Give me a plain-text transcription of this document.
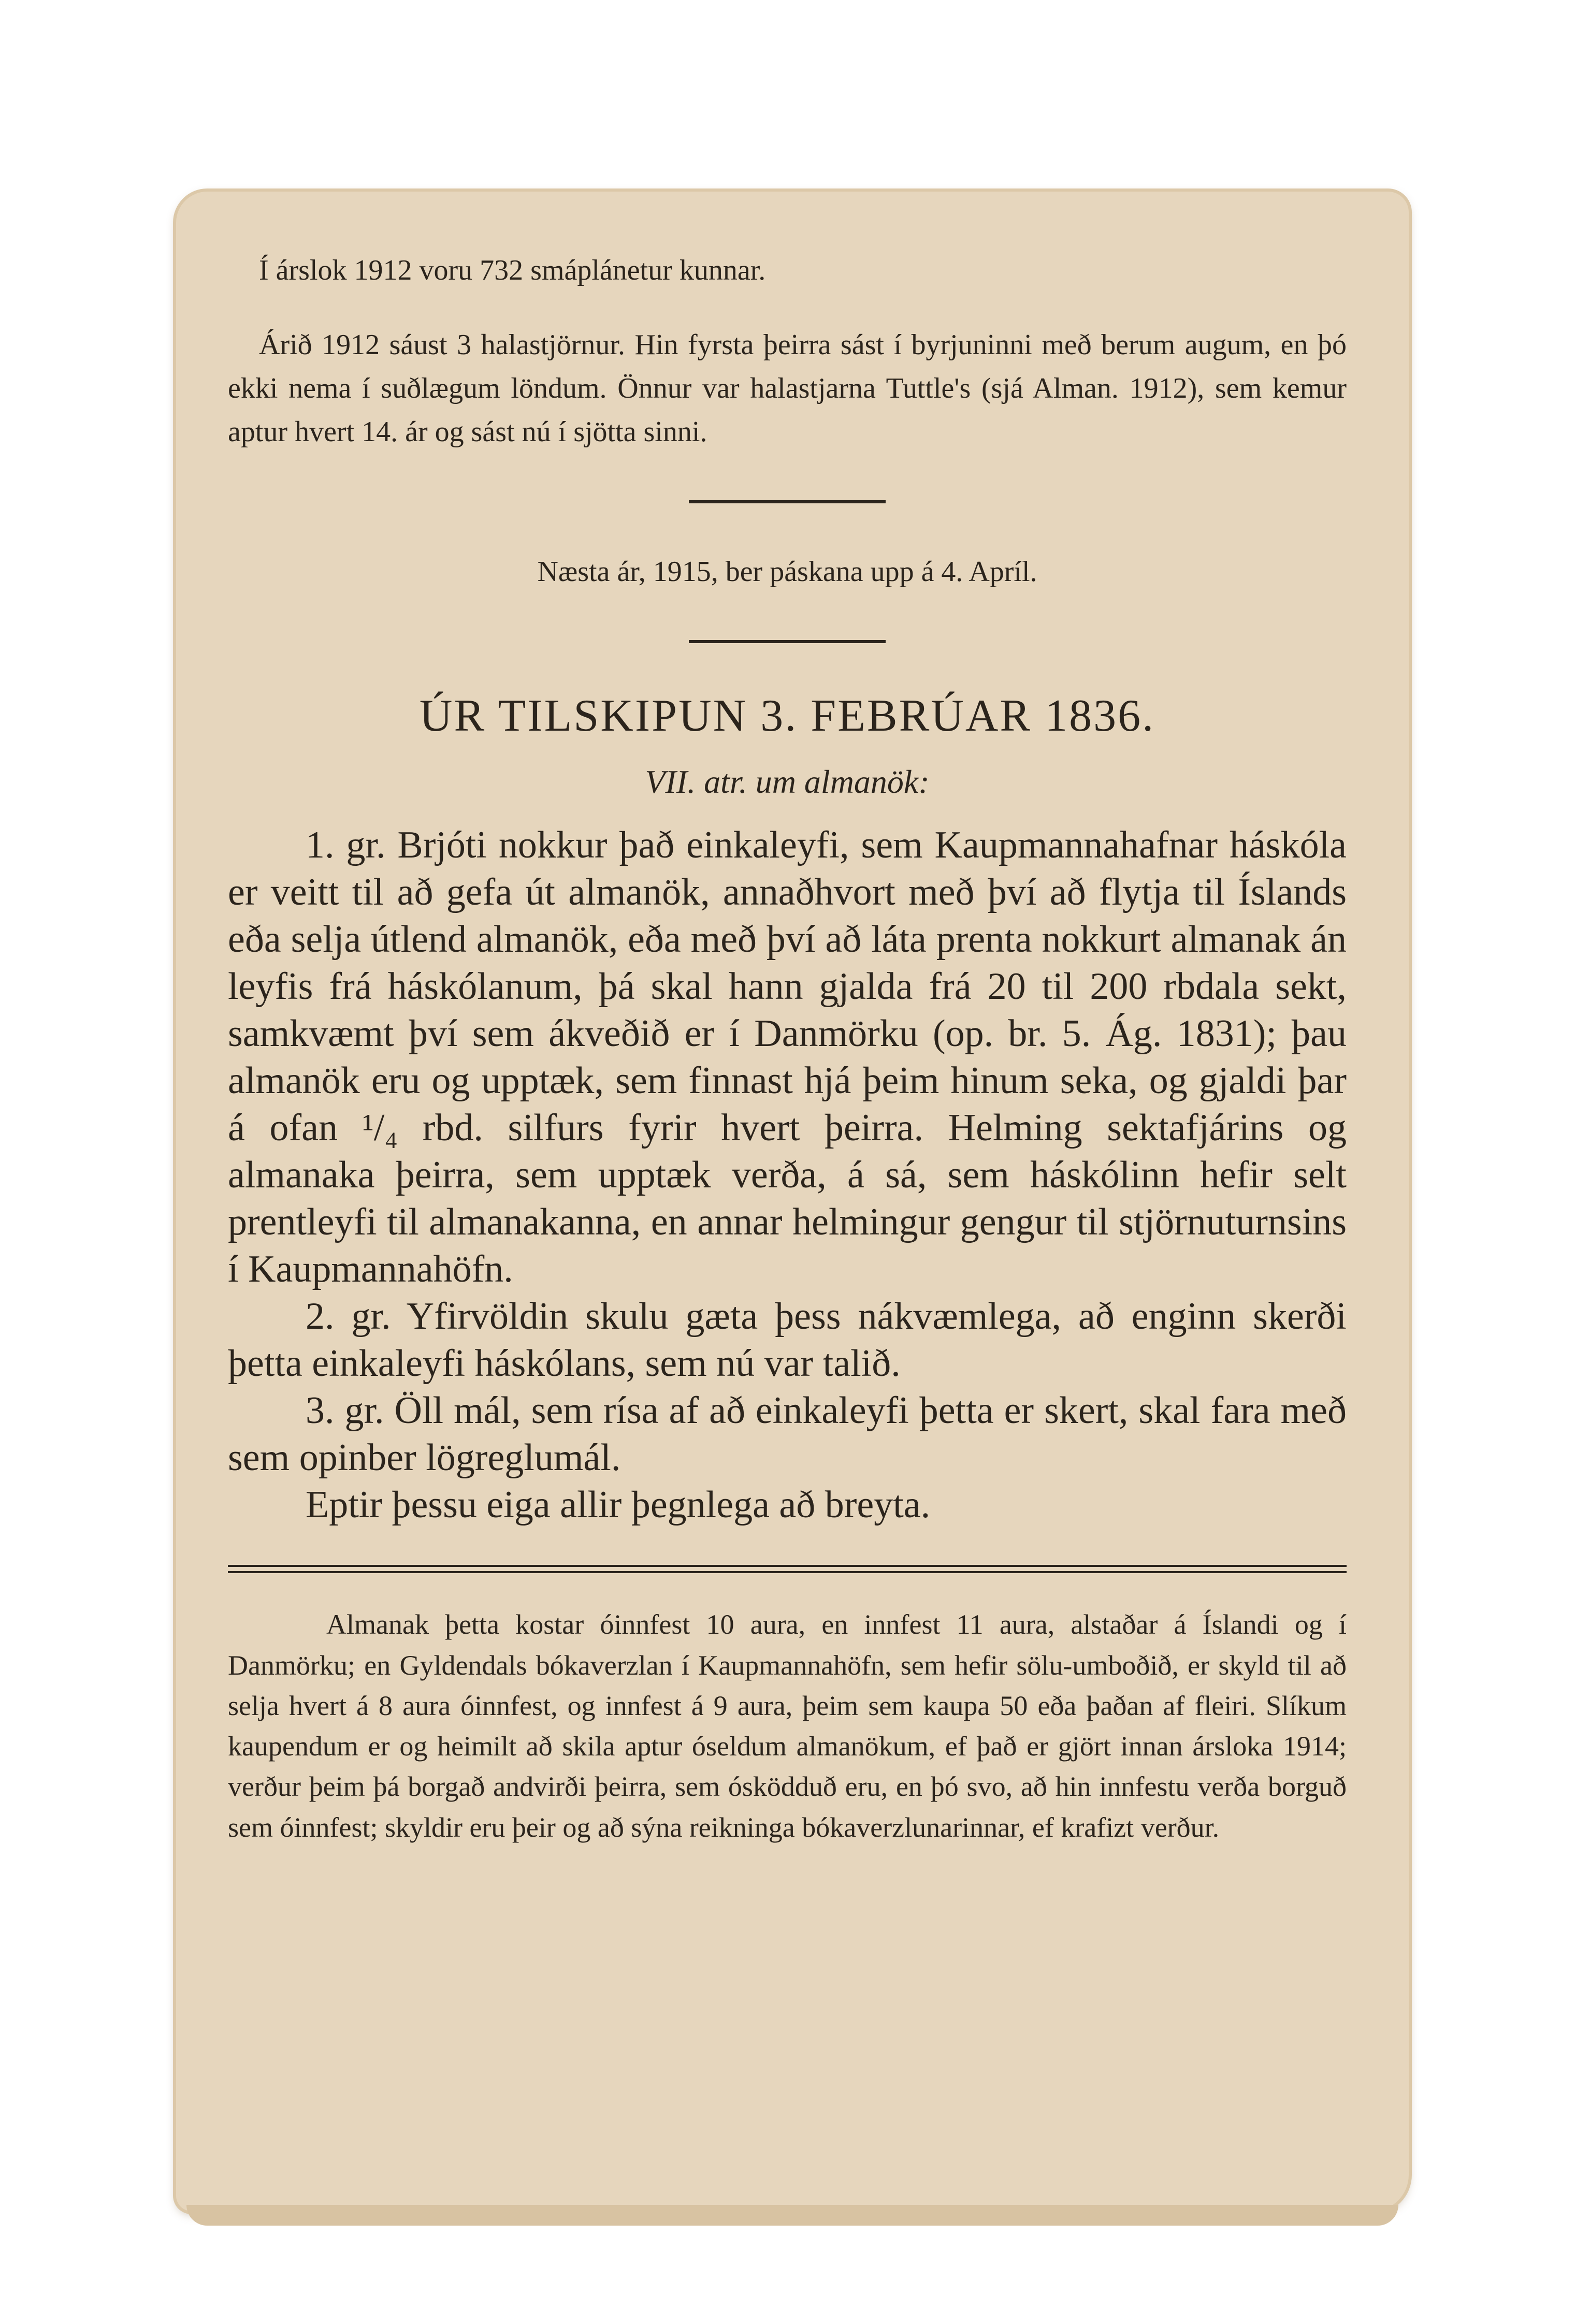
Í árslok 1912 voru 732 smáplánetur kunnar.

Árið 1912 sáust 3 halastjörnur. Hin fyrsta þeirra sást í byrjuninni með berum augum, en þó ekki nema í suðlægum löndum. Önnur var halastjarna Tuttle's (sjá Alman. 1912), sem kemur aptur hvert 14. ár og sást nú í sjötta sinni.

Næsta ár, 1915, ber páskana upp á 4. Apríl.

ÚR TILSKIPUN 3. FEBRÚAR 1836.
VII. atr. um almanök:

1. gr. Brjóti nokkur það einkaleyfi, sem Kaupmannahafnar háskóla er veitt til að gefa út almanök, annaðhvort með því að flytja til Íslands eða selja útlend almanök, eða með því að láta prenta nokkurt almanak án leyfis frá háskólanum, þá skal hann gjalda frá 20 til 200 rbdala sekt, samkvæmt því sem ákveðið er í Danmörku (op. br. 5. Ág. 1831); þau almanök eru og upptæk, sem finnast hjá þeim hinum seka, og gjaldi þar á ofan ¹/₄ rbd. silfurs fyrir hvert þeirra. Helming sektafjárins og almanaka þeirra, sem upptæk verða, á sá, sem háskólinn hefir selt prentleyfi til almanakanna, en annar helmingur gengur til stjörnuturnsins í Kaupmannahöfn.

2. gr. Yfirvöldin skulu gæta þess nákvæmlega, að enginn skerði þetta einkaleyfi háskólans, sem nú var talið.

3. gr. Öll mál, sem rísa af að einkaleyfi þetta er skert, skal fara með sem opinber lögreglumál.

Eptir þessu eiga allir þegnlega að breyta.

Almanak þetta kostar óinnfest 10 aura, en innfest 11 aura, alstaðar á Íslandi og í Danmörku; en Gyldendals bókaverzlan í Kaupmannahöfn, sem hefir sölu-umboðið, er skyld til að selja hvert á 8 aura óinnfest, og innfest á 9 aura, þeim sem kaupa 50 eða þaðan af fleiri. Slíkum kaupendum er og heimilt að skila aptur óseldum almanökum, ef það er gjört innan ársloka 1914; verður þeim þá borgað andvirði þeirra, sem ósködduð eru, en þó svo, að hin innfestu verða borguð sem óinnfest; skyldir eru þeir og að sýna reikninga bókaverzlunarinnar, ef krafizt verður.
